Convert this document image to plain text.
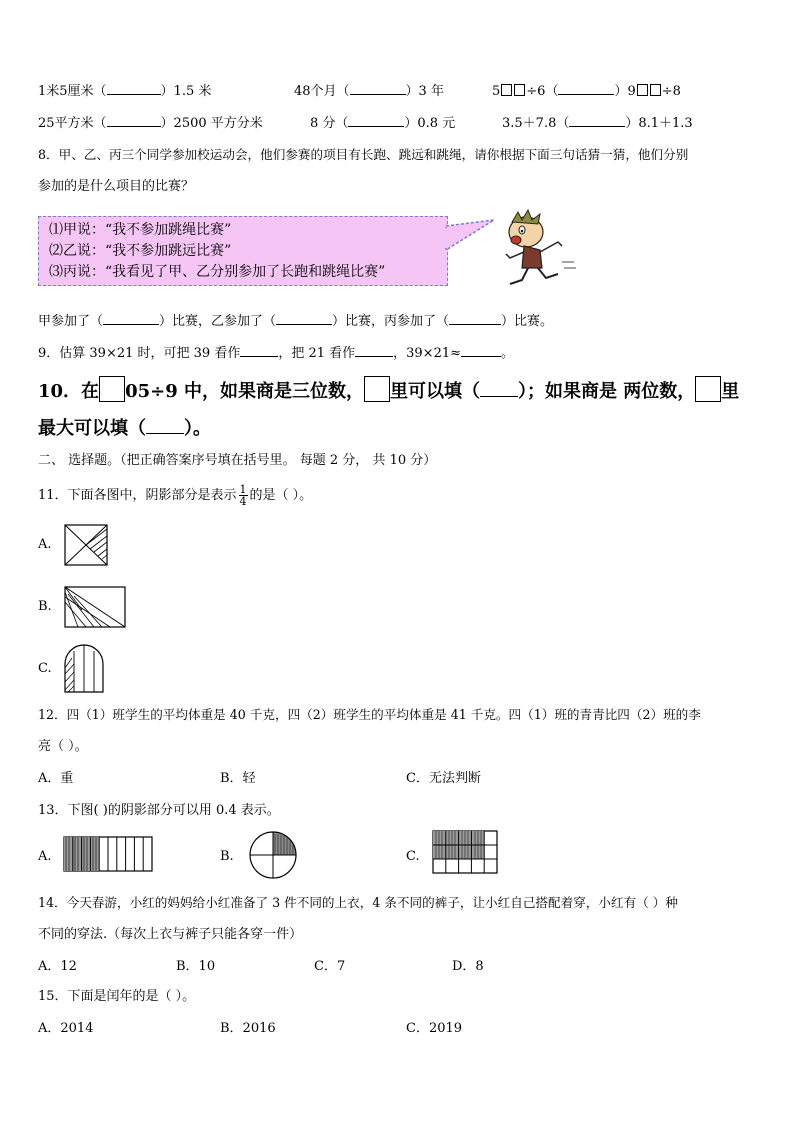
1米5厘米（	）1.5 米	48个月（	）3 年	5 ÷6（	）9 ÷8
25平方米（	）2500 平方分米	8 分（	）0.8 元	3.5＋7.8（	）8.1＋1.3
8．甲、乙、丙三个同学参加校运动会，他们参赛的项目有长跑、跳远和跳绳，请你根据下面三句话猜一猜，他们分别
参加的是什么项目的比赛？
⑴甲说：“我不参加跳绳比赛”
⑵乙说：“我不参加跳远比赛”
⑶丙说：“我看见了甲、乙分别参加了长跑和跳绳比赛”
甲参加了（	）比赛，乙参加了（	）比赛，丙参加了（	）比赛。
9．估算 39×21 时，可把 39 看作	，把 21 看作	，39×21≈	。
10．在 05÷9 中，如果商是三位数， 里可以填（ ）；如果商是 两位数， 里
最大可以填（ ）。
二、 选择题。（把正确答案序号填在括号里。 每题 2 分， 共 10 分）
11．下面各图中，阴影部分是表示 $\frac{1}{4}$ 的是（ ）。
A.
B.
C.
12．四（1）班学生的平均体重是 40 千克，四（2）班学生的平均体重是 41 千克。四（1）班的青青比四（2）班的李
亮（ ）。
A．重	B．轻	C．无法判断
13．下图( )的阴影部分可以用 0.4 表示。
A.	B.	C.
14．今天春游，小红的妈妈给小红准备了 3 件不同的上衣，4 条不同的裤子，让小红自己搭配着穿，小红有（ ）种
不同的穿法.（每次上衣与裤子只能各穿一件）
A．12	B．10	C．7	D．8
15．下面是闰年的是（ ）。
A．2014	B．2016	C．2019
